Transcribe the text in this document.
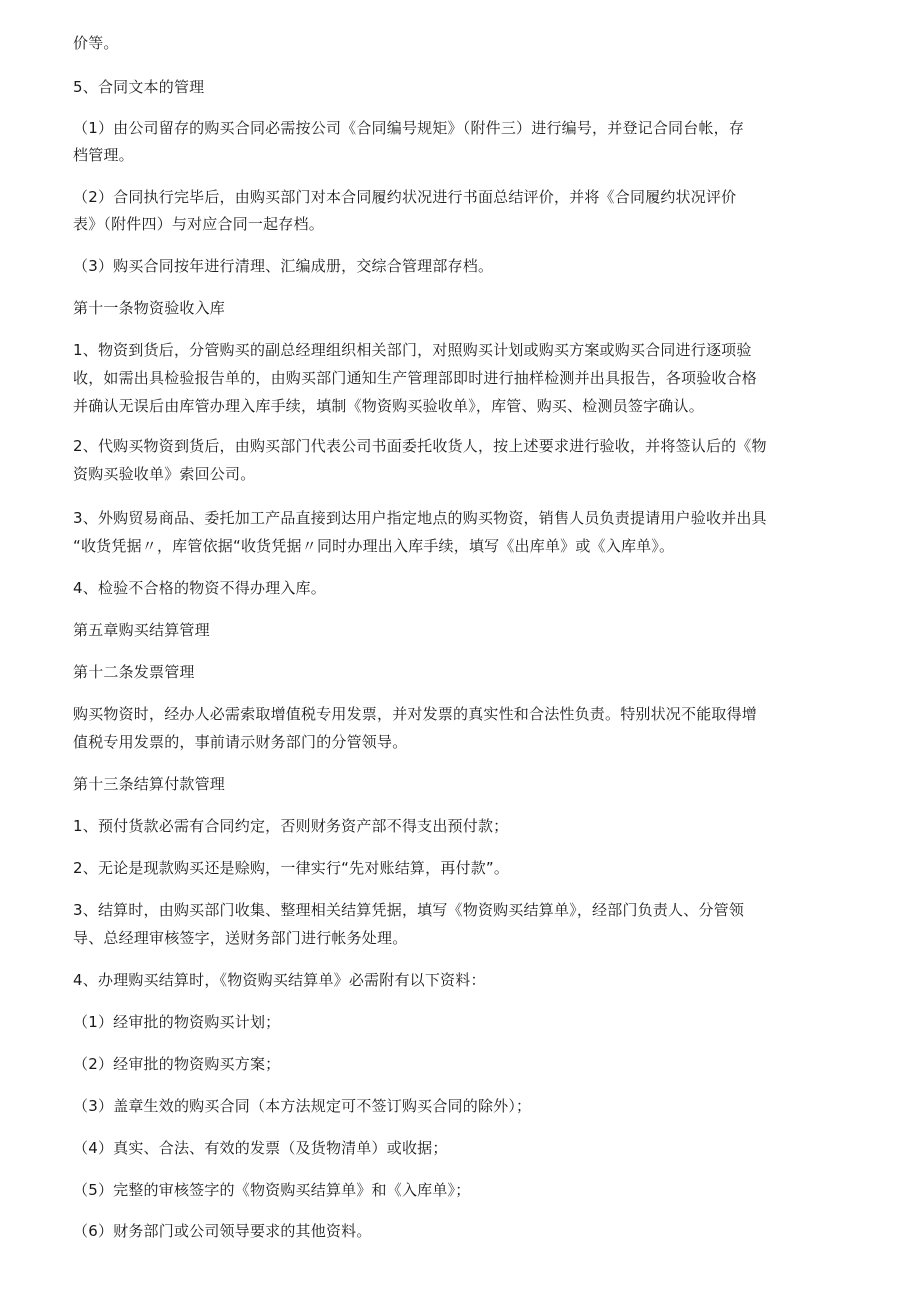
价等。
5、合同文本的管理
（1）由公司留存的购买合同必需按公司《合同编号规矩》（附件三）进行编号，并登记合同台帐，存
档管理。
（2）合同执行完毕后，由购买部门对本合同履约状况进行书面总结评价，并将《合同履约状况评价
表》（附件四）与对应合同一起存档。
（3）购买合同按年进行清理、汇编成册，交综合管理部存档。
第十一条物资验收入库
1、物资到货后，分管购买的副总经理组织相关部门，对照购买计划或购买方案或购买合同进行逐项验
收，如需出具检验报告单的，由购买部门通知生产管理部即时进行抽样检测并出具报告，各项验收合格
并确认无误后由库管办理入库手续，填制《物资购买验收单》，库管、购买、检测员签字确认。
2、代购买物资到货后，由购买部门代表公司书面委托收货人，按上述要求进行验收，并将签认后的《物
资购买验收单》索回公司。
3、外购贸易商品、委托加工产品直接到达用户指定地点的购买物资，销售人员负责提请用户验收并出具
“收货凭据〃，库管依据“收货凭据〃同时办理出入库手续，填写《出库单》或《入库单》。
4、检验不合格的物资不得办理入库。
第五章购买结算管理
第十二条发票管理
购买物资时，经办人必需索取增值税专用发票，并对发票的真实性和合法性负责。特别状况不能取得增
值税专用发票的，事前请示财务部门的分管领导。
第十三条结算付款管理
1、预付货款必需有合同约定，否则财务资产部不得支出预付款；
2、无论是现款购买还是赊购，一律实行“先对账结算，再付款”。
3、结算时，由购买部门收集、整理相关结算凭据，填写《物资购买结算单》，经部门负责人、分管领
导、总经理审核签字，送财务部门进行帐务处理。
4、办理购买结算时，《物资购买结算单》必需附有以下资料：
（1）经审批的物资购买计划；
（2）经审批的物资购买方案；
（3）盖章生效的购买合同（本方法规定可不签订购买合同的除外）；
（4）真实、合法、有效的发票（及货物清单）或收据；
（5）完整的审核签字的《物资购买结算单》和《入库单》；
（6）财务部门或公司领导要求的其他资料。
